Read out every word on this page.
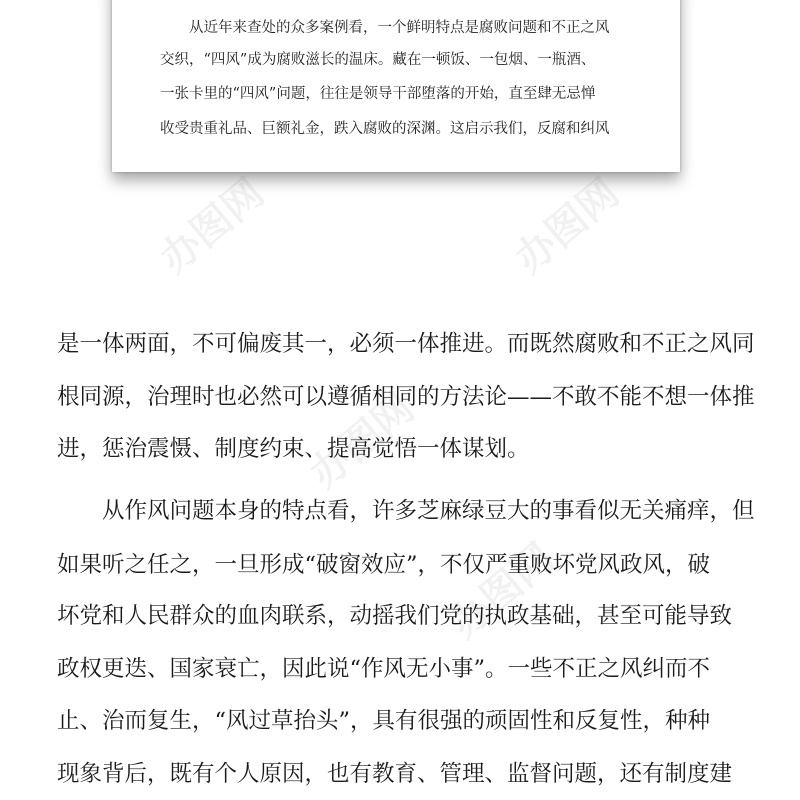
　　从近年来查处的众多案例看，一个鲜明特点是腐败问题和不正之风
交织，“四风”成为腐败滋长的温床。藏在一顿饭、一包烟、一瓶酒、
一张卡里的“四风”问题，往往是领导干部堕落的开始，直至肆无忌惮
收受贵重礼品、巨额礼金，跌入腐败的深渊。这启示我们，反腐和纠风
是一体两面，不可偏废其一，必须一体推进。而既然腐败和不正之风同
根同源，治理时也必然可以遵循相同的方法论——不敢不能不想一体推
进，惩治震慑、制度约束、提高觉悟一体谋划。
　　从作风问题本身的特点看，许多芝麻绿豆大的事看似无关痛痒，但
如果听之任之，一旦形成“破窗效应”，不仅严重败坏党风政风，破
坏党和人民群众的血肉联系，动摇我们党的执政基础，甚至可能导致
政权更迭、国家衰亡，因此说“作风无小事”。一些不正之风纠而不
止、治而复生，“风过草抬头”，具有很强的顽固性和反复性，种种
现象背后，既有个人原因，也有教育、管理、监督问题，还有制度建
办图网	办图网
办图网
办图网
